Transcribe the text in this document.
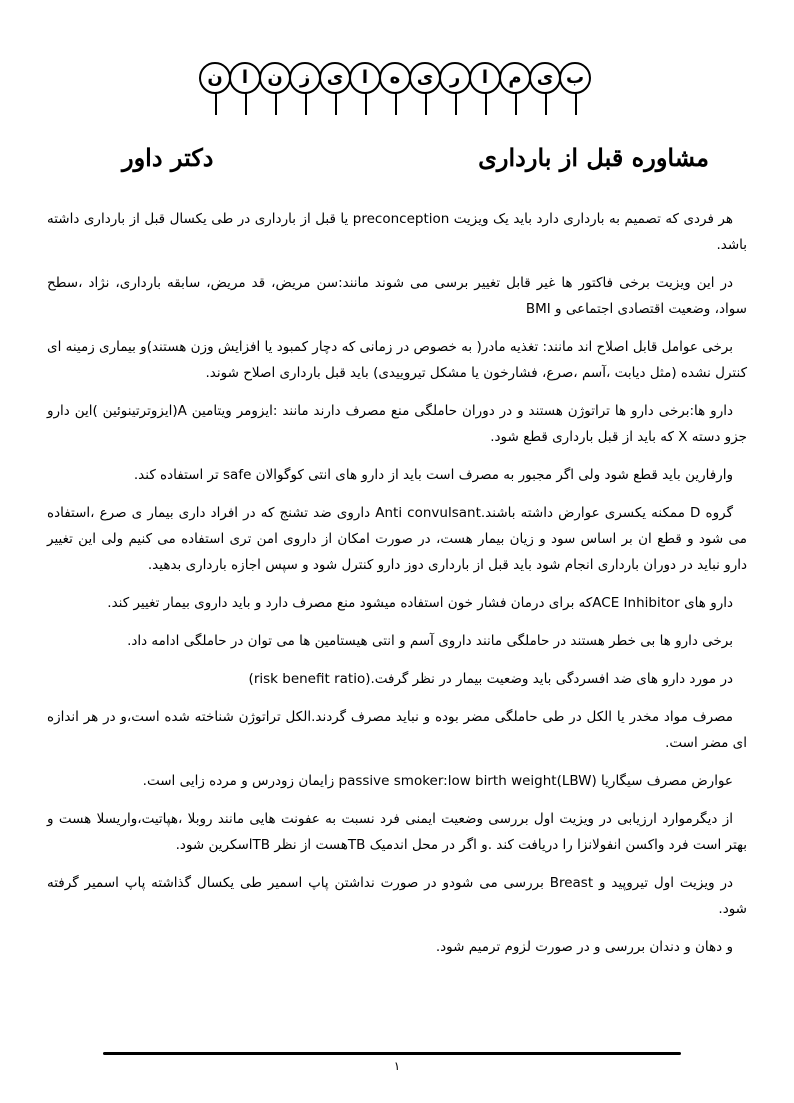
ب
ی
م
ا
ر
ی
ه
ا
ی
ز
ن
ا
ن
مشاوره قبل از بارداری
دکتر داور

هر فردی که تصمیم به بارداری دارد باید یک ویزیت preconception یا قبل از بارداری در طی یکسال قبل از بارداری داشته باشد.

در این ویزیت برخی فاکتور ها غیر قابل تغییر برسی می شوند مانند:سن مریض، قد مریض، سابقه بارداری، نژاد ،سطح سواد، وضعیت اقتصادی اجتماعی و BMI

برخی عوامل قابل اصلاح اند مانند: تغذیه مادر( به خصوص در زمانی که دچار کمبود یا افزایش وزن هستند)و بیماری زمینه ای کنترل نشده (مثل دیابت ،آسم ،صرع، فشارخون یا مشکل تیروییدی) باید قبل بارداری اصلاح شوند.

دارو ها:برخی دارو ها تراتوژن هستند و در دوران حاملگی منع مصرف دارند مانند :ایزومر ویتامین A(ایزوترتینوئین )این دارو جزو دسته X که باید از قبل بارداری قطع شود.

وارفارین باید قطع شود ولی اگر مجبور به مصرف است باید از دارو های انتی کوگوالان safe تر استفاده کند.

گروه D ممکنه یکسری عوارض داشته باشند.Anti convulsant داروی ضد تشنج که در افراد داری بیمار ی صرع ،استفاده می شود و قطع ان بر اساس سود و زیان بیمار هست، در صورت امکان از داروی امن تری استفاده می کنیم ولی این تغییر دارو نباید در دوران بارداری انجام شود باید قبل از بارداری دوز دارو کنترل شود و سپس اجازه بارداری بدهید.

دارو های ACE Inhibitorکه برای درمان فشار خون استفاده میشود منع مصرف دارد و باید داروی بیمار تغییر کند.

برخی دارو ها بی خطر هستند در حاملگی مانند داروی آسم و انتی هیستامین ها می توان در حاملگی ادامه داد.

در مورد دارو های ضد افسردگی باید وضعیت بیمار در نظر گرفت.(risk benefit ratio)

مصرف مواد مخدر یا الکل در طی حاملگی مضر بوده و نباید مصرف گردند.الکل تراتوژن شناخته شده است،و در هر اندازه ای مضر است.

عوارض مصرف سیگاریا passive smoker:low birth weight(LBW) زایمان زودرس و مرده زایی است.

از دیگرموارد ارزیابی در ویزیت اول بررسی وضعیت ایمنی فرد نسبت به عفونت هایی مانند روبلا ،هپاتیت،واریسلا هست و بهتر است فرد واکسن انفولانزا را دریافت کند .و اگر در محل اندمیک TBهست از نظر TBاسکرین شود.

در ویزیت اول تیروپید و Breast بررسی می شودو در صورت نداشتن پاپ اسمیر طی یکسال گذاشته پاپ اسمیر گرفته شود.

و دهان و دندان بررسی و در صورت لزوم ترمیم شود.

۱
